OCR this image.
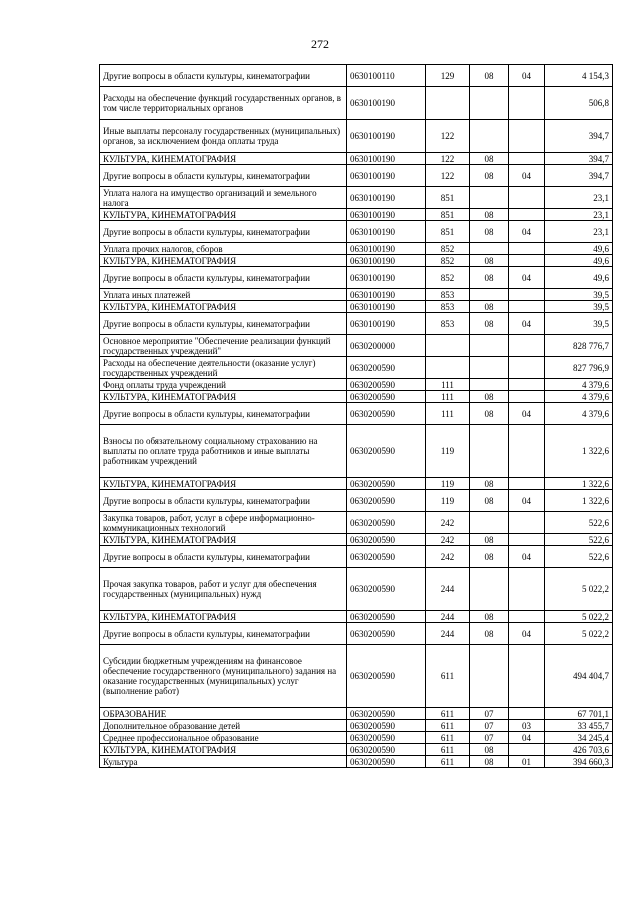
272
Другие вопросы в области культуры, кинематографии	0630100110	129	08	04	4 154,3
Расходы на обеспечение функций государственных органов, в том числе территориальных органов	0630100190				506,8
Иные выплаты персоналу государственных (муниципальных) органов, за исключением фонда оплаты труда	0630100190	122			394,7
КУЛЬТУРА, КИНЕМАТОГРАФИЯ	0630100190	122	08		394,7
Другие вопросы в области культуры, кинематографии	0630100190	122	08	04	394,7
Уплата налога на имущество организаций и земельного налога	0630100190	851			23,1
КУЛЬТУРА, КИНЕМАТОГРАФИЯ	0630100190	851	08		23,1
Другие вопросы в области культуры, кинематографии	0630100190	851	08	04	23,1
Уплата прочих налогов, сборов	0630100190	852			49,6
КУЛЬТУРА, КИНЕМАТОГРАФИЯ	0630100190	852	08		49,6
Другие вопросы в области культуры, кинематографии	0630100190	852	08	04	49,6
Уплата иных платежей	0630100190	853			39,5
КУЛЬТУРА, КИНЕМАТОГРАФИЯ	0630100190	853	08		39,5
Другие вопросы в области культуры, кинематографии	0630100190	853	08	04	39,5
Основное мероприятие "Обеспечение реализации функций государственных учреждений"	0630200000				828 776,7
Расходы на обеспечение деятельности (оказание услуг) государственных учреждений	0630200590				827 796,9
Фонд оплаты труда учреждений	0630200590	111			4 379,6
КУЛЬТУРА, КИНЕМАТОГРАФИЯ	0630200590	111	08		4 379,6
Другие вопросы в области культуры, кинематографии	0630200590	111	08	04	4 379,6
Взносы по обязательному социальному страхованию на выплаты по оплате труда работников и иные выплаты работникам учреждений	0630200590	119			1 322,6
КУЛЬТУРА, КИНЕМАТОГРАФИЯ	0630200590	119	08		1 322,6
Другие вопросы в области культуры, кинематографии	0630200590	119	08	04	1 322,6
Закупка товаров, работ, услуг в сфере информационно-коммуникационных технологий	0630200590	242			522,6
КУЛЬТУРА, КИНЕМАТОГРАФИЯ	0630200590	242	08		522,6
Другие вопросы в области культуры, кинематографии	0630200590	242	08	04	522,6
Прочая закупка товаров, работ и услуг для обеспечения государственных (муниципальных) нужд	0630200590	244			5 022,2
КУЛЬТУРА, КИНЕМАТОГРАФИЯ	0630200590	244	08		5 022,2
Другие вопросы в области культуры, кинематографии	0630200590	244	08	04	5 022,2
Субсидии бюджетным учреждениям на финансовое обеспечение государственного (муниципального) задания на оказание государственных (муниципальных) услуг (выполнение работ)	0630200590	611			494 404,7
ОБРАЗОВАНИЕ	0630200590	611	07		67 701,1
Дополнительное образование детей	0630200590	611	07	03	33 455,7
Среднее профессиональное образование	0630200590	611	07	04	34 245,4
КУЛЬТУРА, КИНЕМАТОГРАФИЯ	0630200590	611	08		426 703,6
Культура	0630200590	611	08	01	394 660,3
